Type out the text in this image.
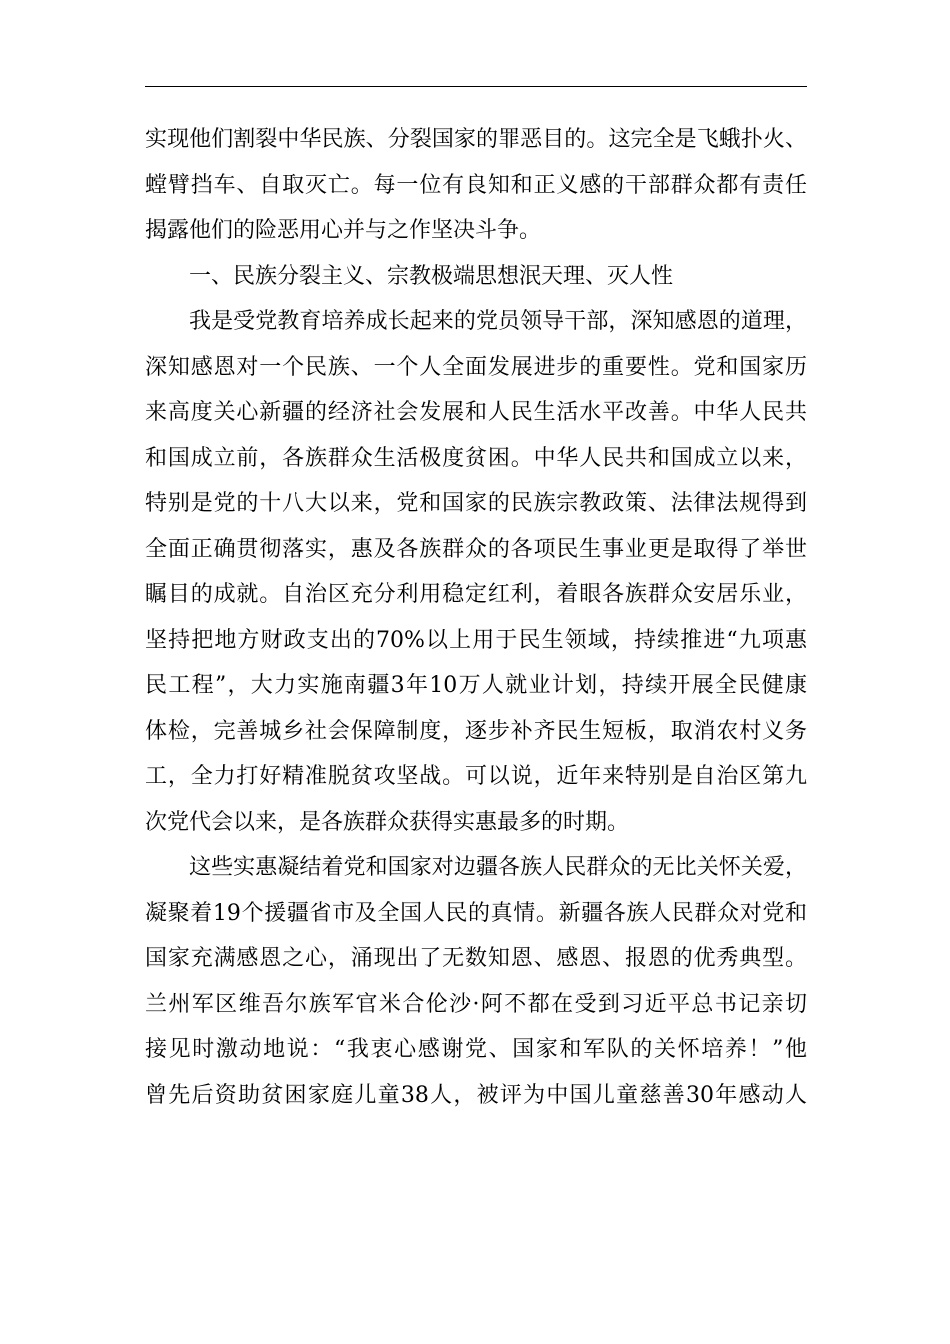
实现他们割裂中华民族、分裂国家的罪恶目的。这完全是飞蛾扑火、
螳臂挡车、自取灭亡。每一位有良知和正义感的干部群众都有责任
揭露他们的险恶用心并与之作坚决斗争。
一、民族分裂主义、宗教极端思想泯天理、灭人性
我是受党教育培养成长起来的党员领导干部，深知感恩的道理，
深知感恩对一个民族、一个人全面发展进步的重要性。党和国家历
来高度关心新疆的经济社会发展和人民生活水平改善。中华人民共
和国成立前，各族群众生活极度贫困。中华人民共和国成立以来，
特别是党的十八大以来，党和国家的民族宗教政策、法律法规得到
全面正确贯彻落实，惠及各族群众的各项民生事业更是取得了举世
瞩目的成就。自治区充分利用稳定红利，着眼各族群众安居乐业，
坚持把地方财政支出的70%以上用于民生领域，持续推进“九项惠
民工程”，大力实施南疆3年10万人就业计划，持续开展全民健康
体检，完善城乡社会保障制度，逐步补齐民生短板，取消农村义务
工，全力打好精准脱贫攻坚战。可以说，近年来特别是自治区第九
次党代会以来，是各族群众获得实惠最多的时期。
这些实惠凝结着党和国家对边疆各族人民群众的无比关怀关爱，
凝聚着19个援疆省市及全国人民的真情。新疆各族人民群众对党和
国家充满感恩之心，涌现出了无数知恩、感恩、报恩的优秀典型。
兰州军区维吾尔族军官米合伦沙·阿不都在受到习近平总书记亲切
接见时激动地说：“我衷心感谢党、国家和军队的关怀培养！”他
曾先后资助贫困家庭儿童38人，被评为中国儿童慈善30年感动人
